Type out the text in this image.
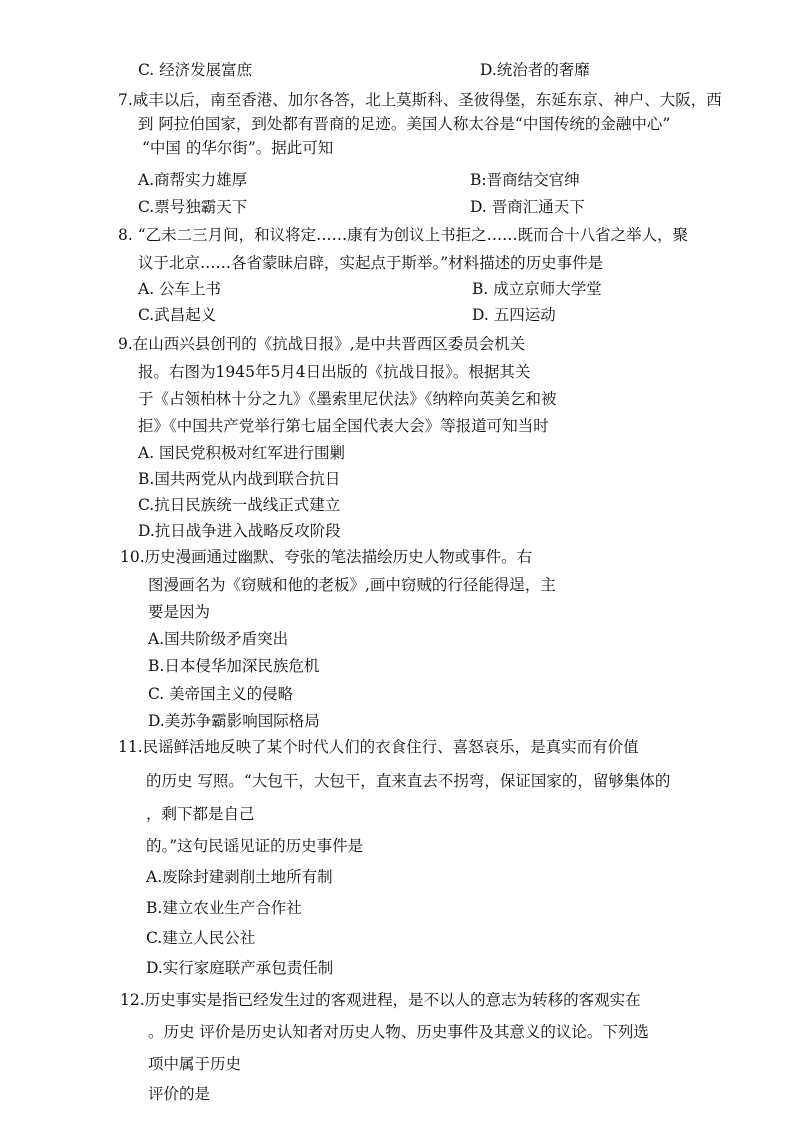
C. 经济发展富庶	D.统治者的奢靡
7.咸丰以后，南至香港、加尔各答，北上莫斯科、圣彼得堡，东延东京、神户、大阪，西
到 阿拉伯国家，到处都有晋商的足迹。美国人称太谷是“中国传统的金融中心”
“中国 的华尔街”。据此可知
A.商帮实力雄厚	B:晋商结交官绅
C.票号独霸天下	D. 晋商汇通天下
8. “乙未二三月间，和议将定……康有为创议上书拒之……既而合十八省之举人，聚
议于北京……各省蒙昧启辟，实起点于斯举。”材料描述的历史事件是
A. 公车上书	B. 成立京师大学堂
C.武昌起义	D. 五四运动
9.在山西兴县创刊的《抗战日报》,是中共晋西区委员会机关
报。右图为1945年5月4日出版的《抗战日报》。根据其关
于《占领柏林十分之九》《墨索里尼伏法》《纳粹向英美乞和被
拒》《中国共产党举行第七届全国代表大会》等报道可知当时
A. 国民党积极对红军进行围剿
B.国共两党从内战到联合抗日
C.抗日民族统一战线正式建立
D.抗日战争进入战略反攻阶段
10.历史漫画通过幽默、夸张的笔法描绘历史人物或事件。右
图漫画名为《窃贼和他的老板》,画中窃贼的行径能得逞，主
要是因为
A.国共阶级矛盾突出
B.日本侵华加深民族危机
C. 美帝国主义的侵略
D.美苏争霸影响国际格局
11.民谣鲜活地反映了某个时代人们的衣食住行、喜怒哀乐，是真实而有价值
的历史 写照。“大包干，大包干，直来直去不拐弯，保证国家的，留够集体的
，剩下都是自己
的。”这句民谣见证的历史事件是
A.废除封建剥削土地所有制
B.建立农业生产合作社
C.建立人民公社
D.实行家庭联产承包责任制
12.历史事实是指已经发生过的客观进程，是不以人的意志为转移的客观实在
。历史 评价是历史认知者对历史人物、历史事件及其意义的议论。下列选
项中属于历史
评价的是
